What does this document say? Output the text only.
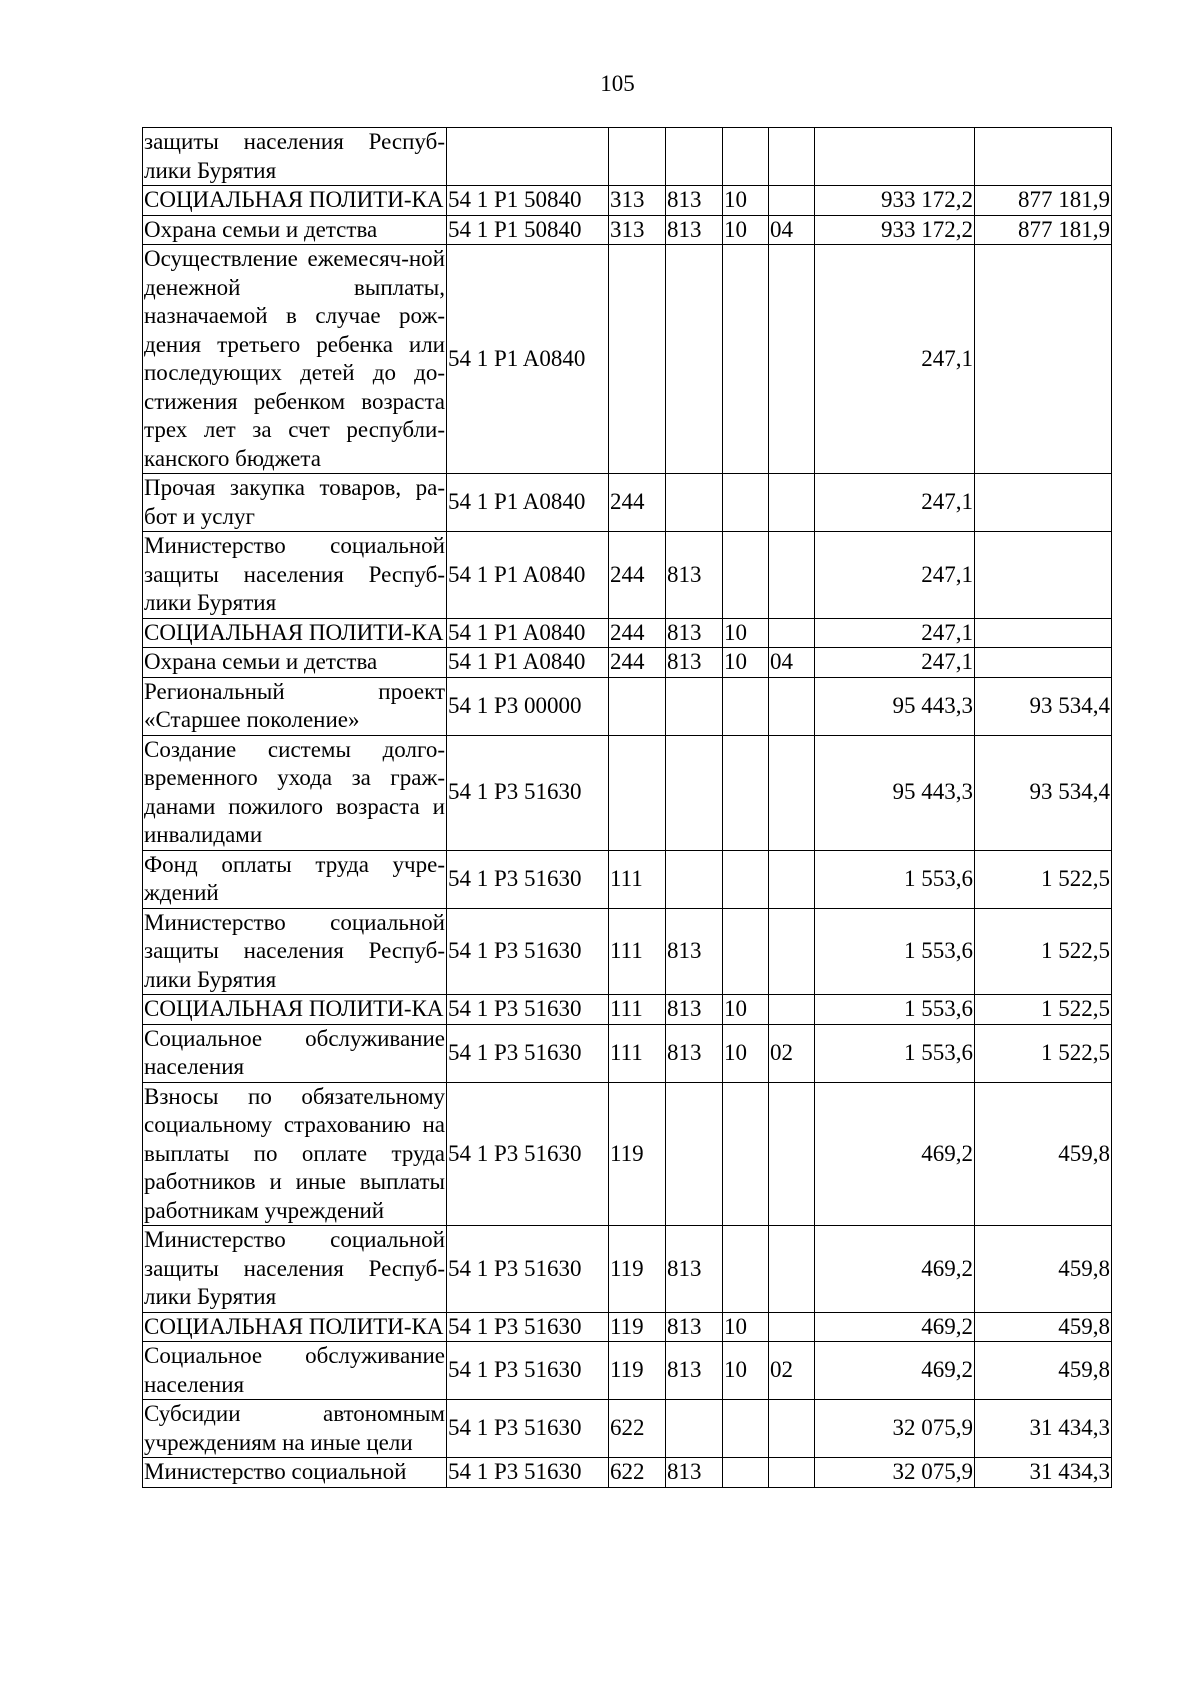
105
защиты населения Респуб-лики Бурятия							
СОЦИАЛЬНАЯ ПОЛИТИ-КА	54 1 P1 50840	313	813	10		933 172,2	877 181,9
Охрана семьи и детства	54 1 P1 50840	313	813	10	04	933 172,2	877 181,9
Осуществление ежемесяч-ной денежной выплаты, назначаемой в случае рож-дения третьего ребенка или последующих детей до до-стижения ребенком возраста трех лет за счет республи-канского бюджета	54 1 P1 A0840					247,1	
Прочая закупка товаров, ра-бот и услуг	54 1 P1 A0840	244				247,1	
Министерство социальной защиты населения Респуб-лики Бурятия	54 1 P1 A0840	244	813			247,1	
СОЦИАЛЬНАЯ ПОЛИТИ-КА	54 1 P1 A0840	244	813	10		247,1	
Охрана семьи и детства	54 1 P1 A0840	244	813	10	04	247,1	
Региональный проект «Старшее поколение»	54 1 P3 00000					95 443,3	93 534,4
Создание системы долго-временного ухода за граж-данами пожилого возраста и инвалидами	54 1 P3 51630					95 443,3	93 534,4
Фонд оплаты труда учре-ждений	54 1 P3 51630	111				1 553,6	1 522,5
Министерство социальной защиты населения Респуб-лики Бурятия	54 1 P3 51630	111	813			1 553,6	1 522,5
СОЦИАЛЬНАЯ ПОЛИТИ-КА	54 1 P3 51630	111	813	10		1 553,6	1 522,5
Социальное обслуживание населения	54 1 P3 51630	111	813	10	02	1 553,6	1 522,5
Взносы по обязательному социальному страхованию на выплаты по оплате труда работников и иные выплаты работникам учреждений	54 1 P3 51630	119				469,2	459,8
Министерство социальной защиты населения Респуб-лики Бурятия	54 1 P3 51630	119	813			469,2	459,8
СОЦИАЛЬНАЯ ПОЛИТИ-КА	54 1 P3 51630	119	813	10		469,2	459,8
Социальное обслуживание населения	54 1 P3 51630	119	813	10	02	469,2	459,8
Субсидии автономным учреждениям на иные цели	54 1 P3 51630	622				32 075,9	31 434,3
Министерство социальной	54 1 P3 51630	622	813			32 075,9	31 434,3
